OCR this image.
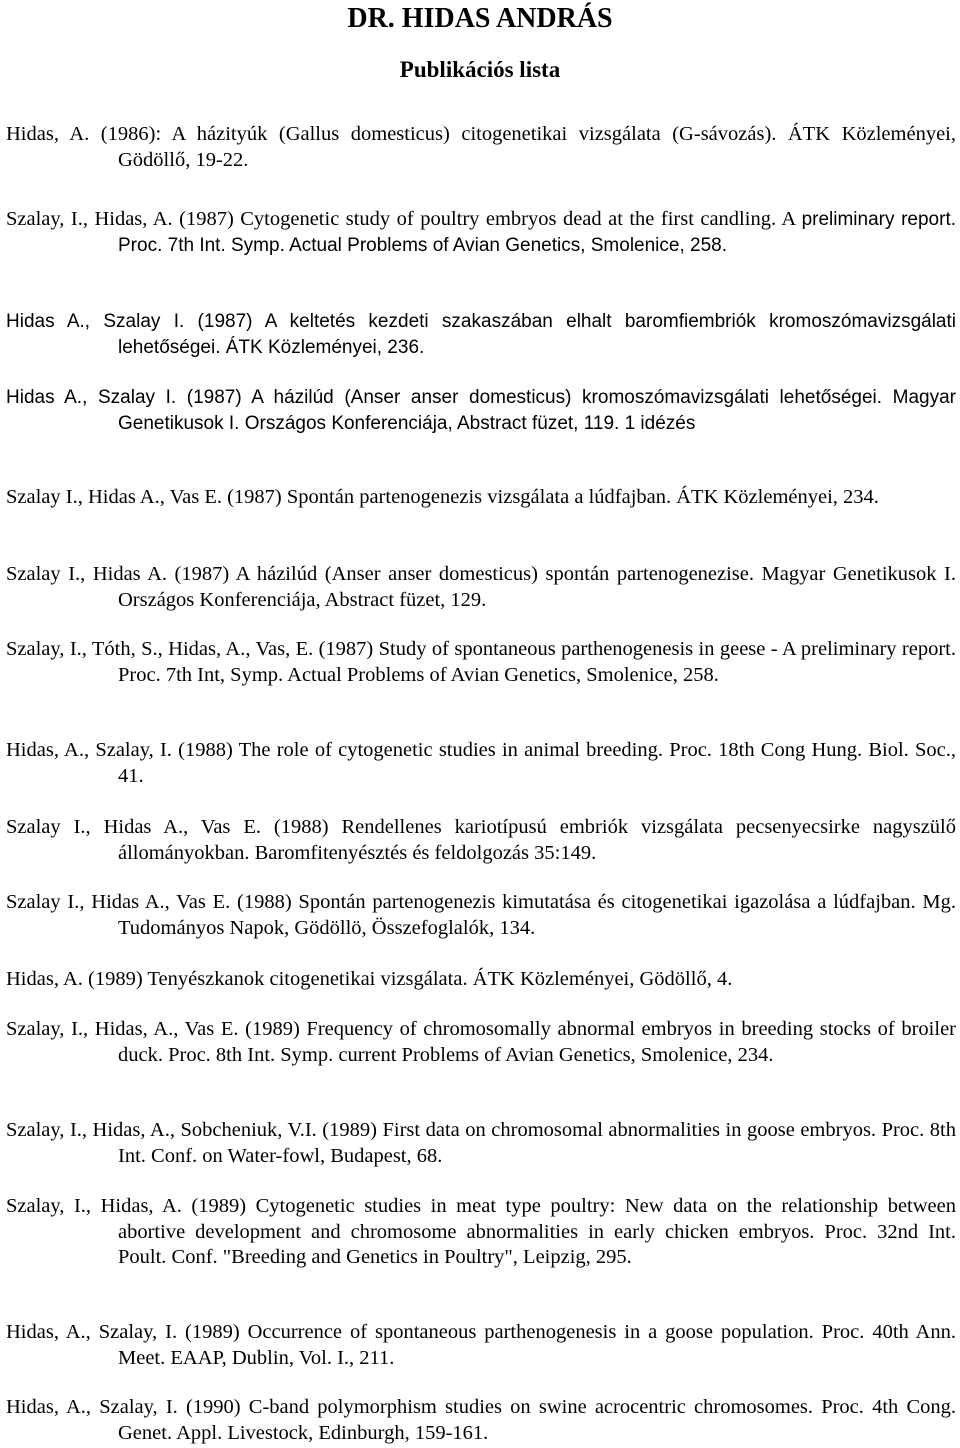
DR. HIDAS ANDRÁS
Publikációs lista

Hidas, A. (1986): A házityúk (Gallus domesticus) citogenetikai vizsgálata (G-sávozás). ÁTK Közleményei, Gödöllő, 19-22.

Szalay, I., Hidas, A. (1987) Cytogenetic study of poultry embryos dead at the first candling. A preliminary report. Proc. 7th Int. Symp. Actual Problems of Avian Genetics, Smolenice, 258.

Hidas A., Szalay I. (1987) A keltetés kezdeti szakaszában elhalt baromfiembriók kromoszómavizsgálati lehetőségei. ÁTK Közleményei, 236.

Hidas A., Szalay I. (1987) A házilúd (Anser anser domesticus) kromoszómavizsgálati lehetőségei. Magyar Genetikusok I. Országos Konferenciája, Abstract füzet, 119. 1 idézés

Szalay I., Hidas A., Vas E. (1987) Spontán partenogenezis vizsgálata a lúdfajban. ÁTK Közleményei, 234.

Szalay I., Hidas A. (1987) A házilúd (Anser anser domesticus) spontán partenogenezise. Magyar Genetikusok I. Országos Konferenciája, Abstract füzet, 129.

Szalay, I., Tóth, S., Hidas, A., Vas, E. (1987) Study of spontaneous parthenogenesis in geese - A preliminary report. Proc. 7th Int, Symp. Actual Problems of Avian Genetics, Smolenice, 258.

Hidas, A., Szalay, I. (1988) The role of cytogenetic studies in animal breeding. Proc. 18th Cong Hung. Biol. Soc., 41.

Szalay I., Hidas A., Vas E. (1988) Rendellenes kariotípusú embriók vizsgálata pecsenyecsirke nagyszülő állományokban. Baromfitenyésztés és feldolgozás 35:149.

Szalay I., Hidas A., Vas E. (1988) Spontán partenogenezis kimutatása és citogenetikai igazolása a lúdfajban. Mg. Tudományos Napok, Gödöllö, Összefoglalók, 134.

Hidas, A. (1989) Tenyészkanok citogenetikai vizsgálata. ÁTK Közleményei, Gödöllő, 4.

Szalay, I., Hidas, A., Vas E. (1989) Frequency of chromosomally abnormal embryos in breeding stocks of broiler duck. Proc. 8th Int. Symp. current Problems of Avian Genetics, Smolenice, 234.

Szalay, I., Hidas, A., Sobcheniuk, V.I. (1989) First data on chromosomal abnormalities in goose embryos. Proc. 8th Int. Conf. on Water-fowl, Budapest, 68.

Szalay, I., Hidas, A. (1989) Cytogenetic studies in meat type poultry: New data on the relationship between abortive development and chromosome abnormalities in early chicken embryos. Proc. 32nd Int. Poult. Conf. "Breeding and Genetics in Poultry", Leipzig, 295.

Hidas, A., Szalay, I. (1989) Occurrence of spontaneous parthenogenesis in a goose population. Proc. 40th Ann. Meet. EAAP, Dublin, Vol. I., 211.

Hidas, A., Szalay, I. (1990) C-band polymorphism studies on swine acrocentric chromosomes. Proc. 4th Cong. Genet. Appl. Livestock, Edinburgh, 159-161.
